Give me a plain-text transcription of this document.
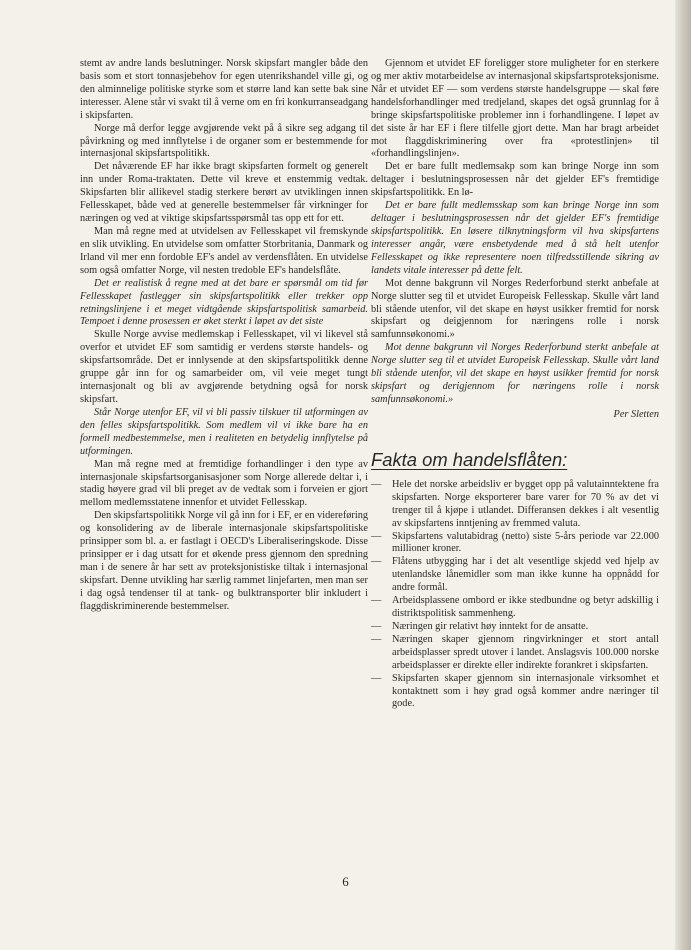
stemt av andre lands beslutninger. Norsk skipsfart mangler både den basis som et stort tonnasjebehov for egen utenrikshandel ville gi, og den alminnelige politiske styrke som et større land kan sette bak sine interesser. Alene står vi svakt til å verne om en fri konkurranseadgang i skipsfarten.

Norge må derfor legge avgjørende vekt på å sikre seg adgang til påvirkning og med innflytelse i de organer som er bestemmende for internasjonal skipsfartspolitikk.

Det nåværende EF har ikke bragt skipsfarten formelt og generelt inn under Roma-traktaten. Dette vil kreve et enstemmig vedtak. Skipsfarten blir allikevel stadig sterkere berørt av utviklingen innen Fellesskapet, både ved at generelle bestemmelser får virkninger for næringen og ved at viktige skipsfartsspørsmål tas opp ett for ett.

Man må regne med at utvidelsen av Fellesskapet vil fremskynde en slik utvikling. En utvidelse som omfatter Storbritania, Danmark og Irland vil mer enn fordoble EF's andel av verdensflåten. En utvidelse som også omfatter Norge, vil nesten tredoble EF's handelsflåte.

Det er realistisk å regne med at det bare er spørsmål om tid før Fellesskapet fastlegger sin skipsfartspolitikk eller trekker opp retningslinjene i et meget vidtgående skipsfartspolitisk samarbeid. Tempoet i denne prosessen er øket sterkt i løpet av det siste

Skulle Norge avvise medlemskap i Fellesskapet, vil vi likevel stå overfor et utvidet EF som samtidig er verdens største handels- og skipsfartsområde. Det er innlysende at den skipsfartspolitikk denne gruppe går inn for og samarbeider om, vil veie meget tungt internasjonalt og bli av avgjørende betydning også for norsk skipsfart.

Står Norge utenfor EF, vil vi bli passiv tilskuer til utformingen av den felles skipsfartspolitikk. Som medlem vil vi ikke bare ha en formell medbestemmelse, men i realiteten en betydelig innflytelse på utformingen.

Man må regne med at fremtidige forhandlinger i den type av internasjonale skipsfartsorganisasjoner som Norge allerede deltar i, i stadig høyere grad vil bli preget av de vedtak som i forveien er gjort mellom medlemsstatene innenfor et utvidet Fellesskap.

Den skipsfartspolitikk Norge vil gå inn for i EF, er en videreføring og konsolidering av de liberale internasjonale skipsfartspolitiske prinsipper som bl. a. er fastlagt i OECD's Liberaliseringskode. Disse prinsipper er i dag utsatt for et økende press gjennom den spredning man i de senere år har sett av proteksjonistiske tiltak i internasjonal skipsfart. Denne utvikling har særlig rammet linjefarten, men man ser i dag også tendenser til at tank- og bulktransporter blir inkludert i flaggdiskriminerende bestemmelser.

Gjennom et utvidet EF foreligger store muligheter for en sterkere og mer aktiv motarbeidelse av internasjonal skipsfartsproteksjonisme. Når et utvidet EF — som verdens største handelsgruppe — skal føre handelsforhandlinger med tredjeland, skapes det også grunnlag for å bringe skipsfartspolitiske problemer inn i forhandlingene. I løpet av det siste år har EF i flere tilfelle gjort dette. Man har bragt arbeidet mot flaggdiskriminering over fra «protestlinjen» til «forhandlingslinjen».

Det er bare fullt medlemsakp som kan bringe Norge inn som deltager i beslutningsprosessen når det gjelder EF's fremtidige skipsfartspolitikk. En lø-

Det er bare fullt medlemsskap som kan bringe Norge inn som deltager i beslutningsprosessen når det gjelder EF's fremtidige skipsfartspolitikk. En løsere tilknytningsform vil hva skipsfartens interesser angår, være ensbetydende med å stå helt utenfor Fellesskapet og ikke representere noen tilfredsstillende sikring av landets vitale interesser på dette felt.

Mot denne bakgrunn vil Norges Rederforbund sterkt anbefale at Norge slutter seg til et utvidet Europeisk Fellesskap. Skulle vårt land bli stående utenfor, vil det skape en høyst usikker fremtid for norsk skipsfart og deigjennom for næringens rolle i norsk samfunnsøkonomi.»

Mot denne bakgrunn vil Norges Rederforbund sterkt anbefale at Norge slutter seg til et utvidet Europeisk Fellesskap. Skulle vårt land bli stående utenfor, vil det skape en høyst usikker fremtid for norsk skipsfart og derigjennom for næringens rolle i norsk samfunnsøkonomi.»

Per Sletten
Fakta om handelsflåten:
— Hele det norske arbeidsliv er bygget opp på valutainntektene fra skipsfarten. Norge eksporterer bare varer for 70 % av det vi trenger til å kjøpe i utlandet. Differansen dekkes i alt vesentlig av skipsfartens inntjening av fremmed valuta.
— Skipsfartens valutabidrag (netto) siste 5-års periode var 22.000 millioner kroner.
— Flåtens utbygging har i det alt vesentlige skjedd ved hjelp av utenlandske lånemidler som man ikke kunne ha oppnådd for andre formål.
— Arbeidsplassene ombord er ikke stedbundne og betyr adskillig i distriktspolitisk sammenheng.
— Næringen gir relativt høy inntekt for de ansatte.
— Næringen skaper gjennom ringvirkninger et stort antall arbeidsplasser spredt utover i landet. Anslagsvis 100.000 norske arbeidsplasser er direkte eller indirekte forankret i skipsfarten.
— Skipsfarten skaper gjennom sin internasjonale virksomhet et kontaktnett som i høy grad også kommer andre næringer til gode.
6
